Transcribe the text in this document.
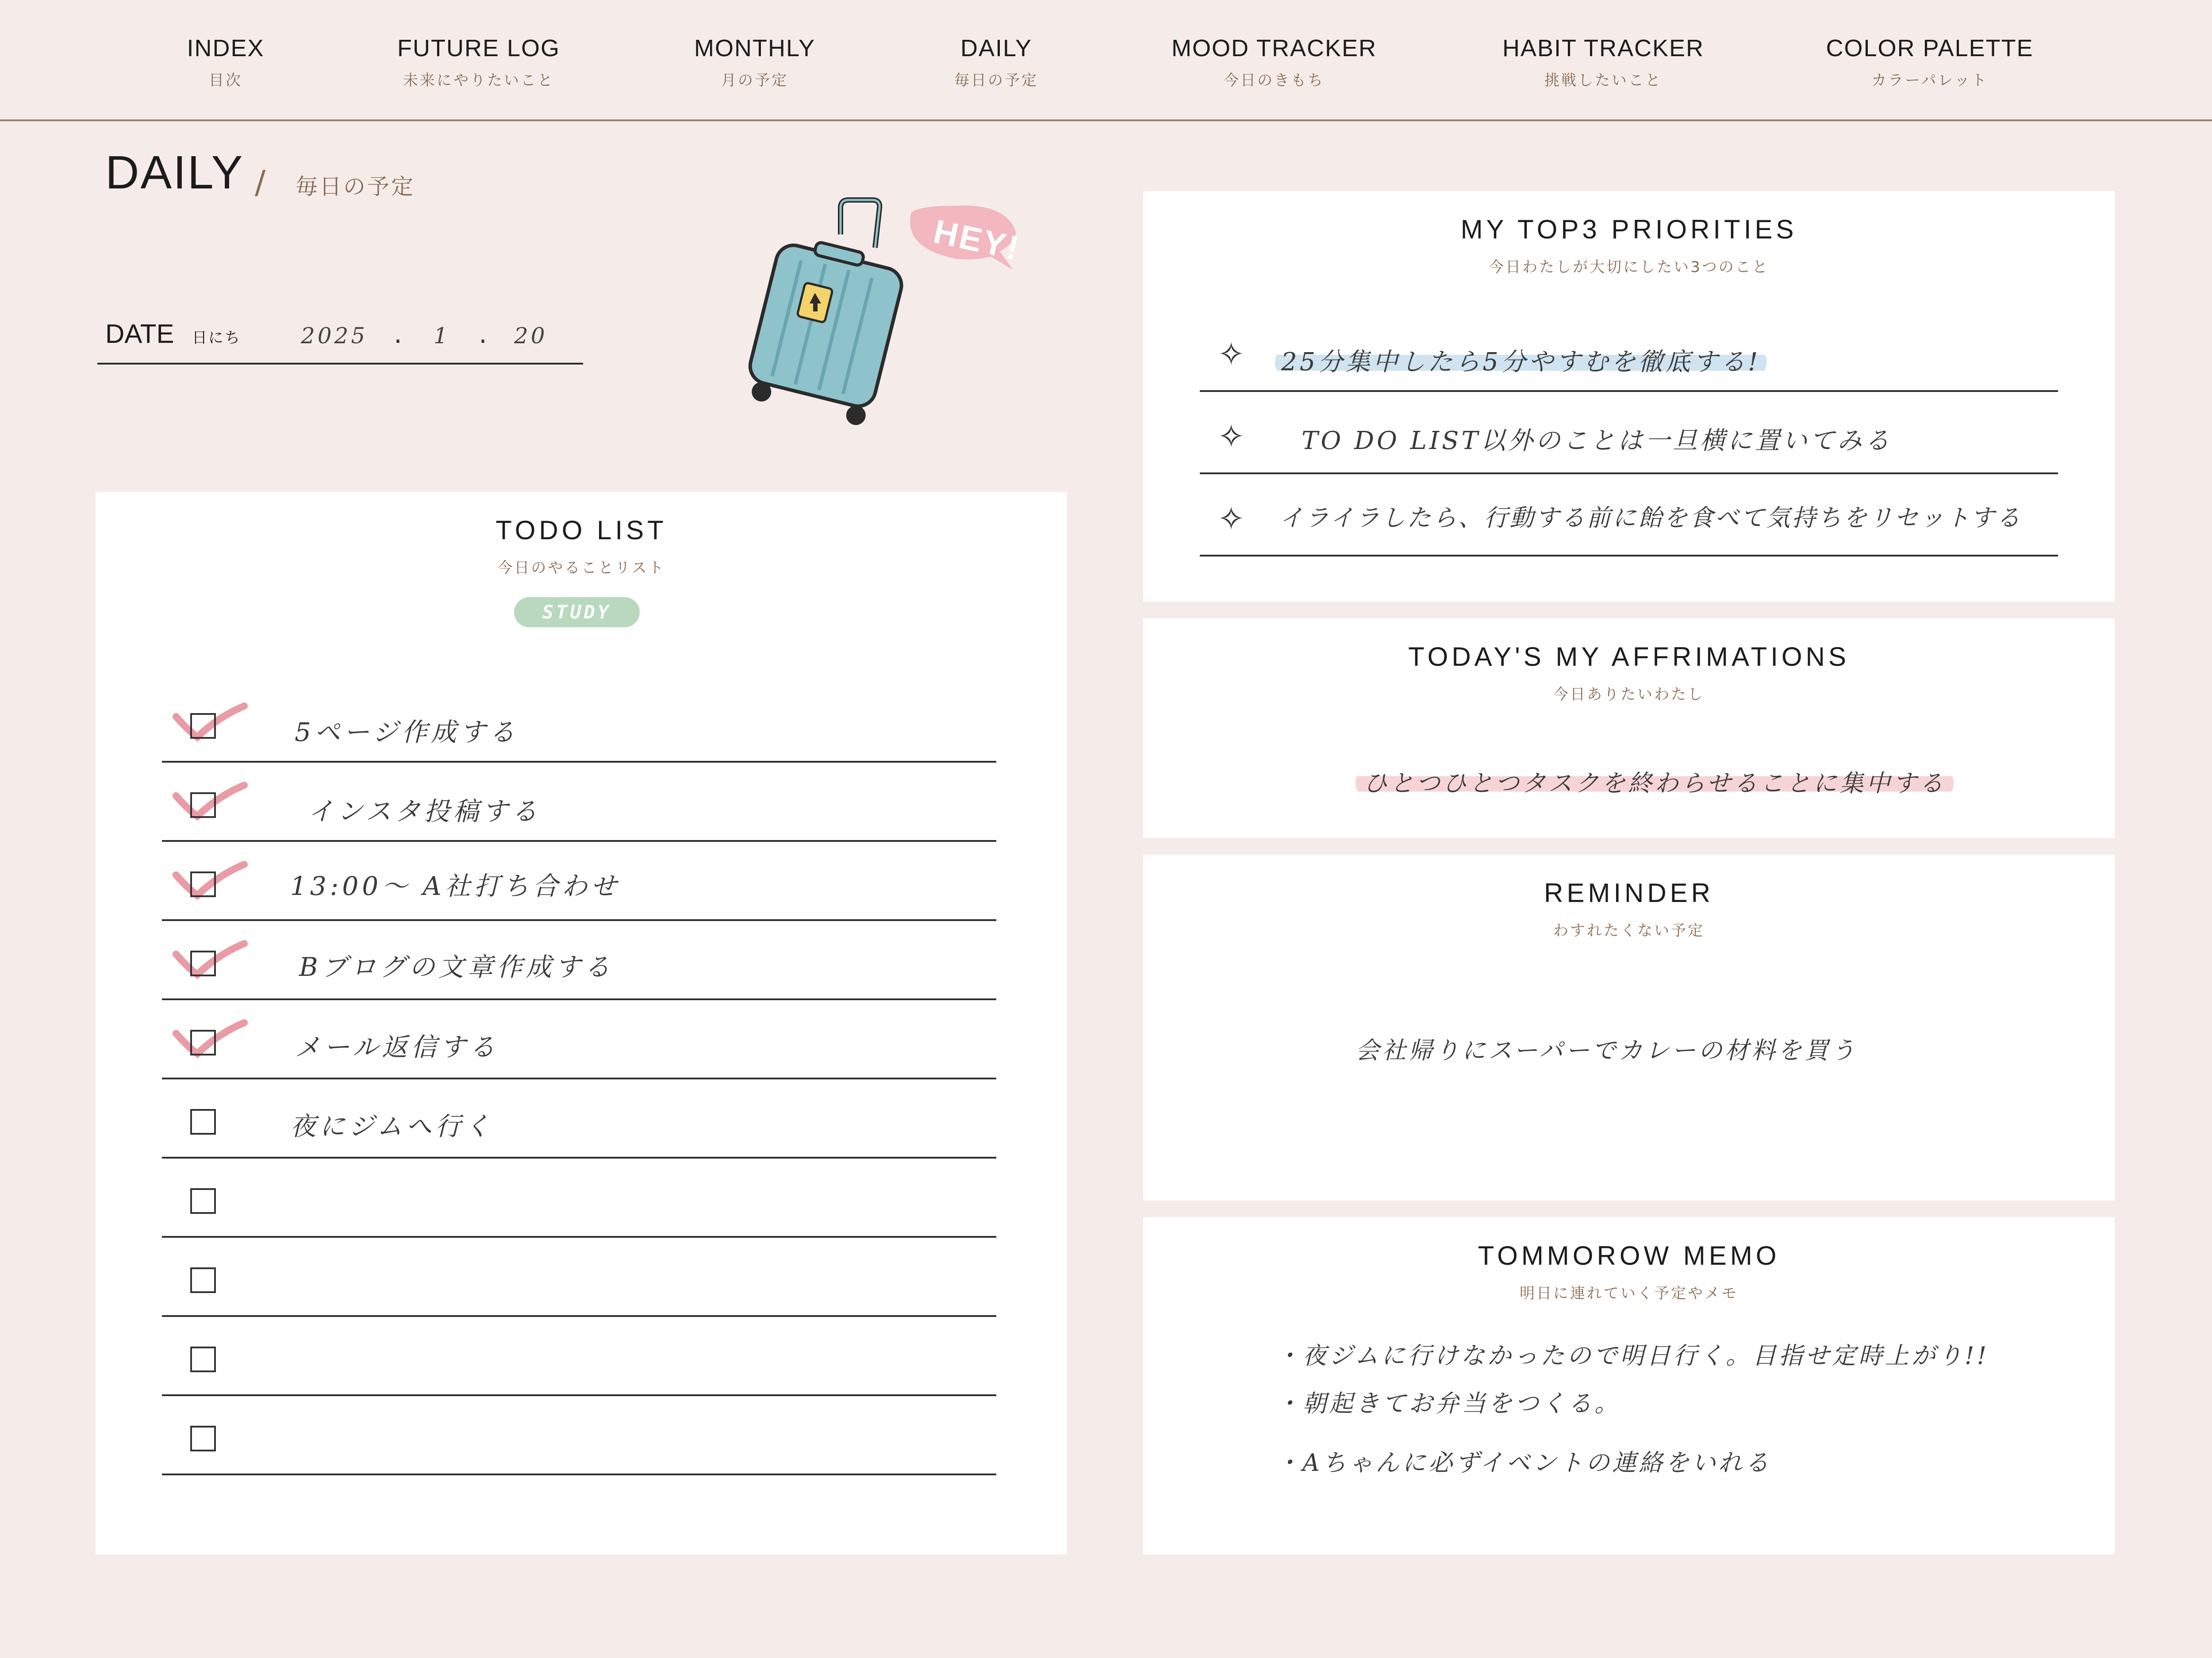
INDEX
目次
FUTURE LOG
未来にやりたいこと
MONTHLY
月の予定
DAILY
毎日の予定
MOOD TRACKER
今日のきもち
HABIT TRACKER
挑戦したいこと
COLOR PALETTE
カラーパレット
DAILY / 毎日の予定
DATE 日にち	2025 . 1 . 20
HEY!
TODO LIST
今日のやることリスト
STUDY
5ページ作成する
インスタ投稿する
13:00〜 A社打ち合わせ
Bブログの文章作成する
メール返信する
夜にジムへ行く
MY TOP3 PRIORITIES
今日わたしが大切にしたい3つのこと
✧ 25分集中したら5分やすむを徹底する!
✧ TO DO LIST以外のことは一旦横に置いてみる
✧ イライラしたら、行動する前に飴を食べて気持ちをリセットする
TODAY'S MY AFFRIMATIONS
今日ありたいわたし
ひとつひとつタスクを終わらせることに集中する
REMINDER
わすれたくない予定
会社帰りにスーパーでカレーの材料を買う
TOMMOROW MEMO
明日に連れていく予定やメモ
・夜ジムに行けなかったので明日行く。目指せ定時上がり!!
・朝起きてお弁当をつくる。
・Aちゃんに必ずイベントの連絡をいれる
